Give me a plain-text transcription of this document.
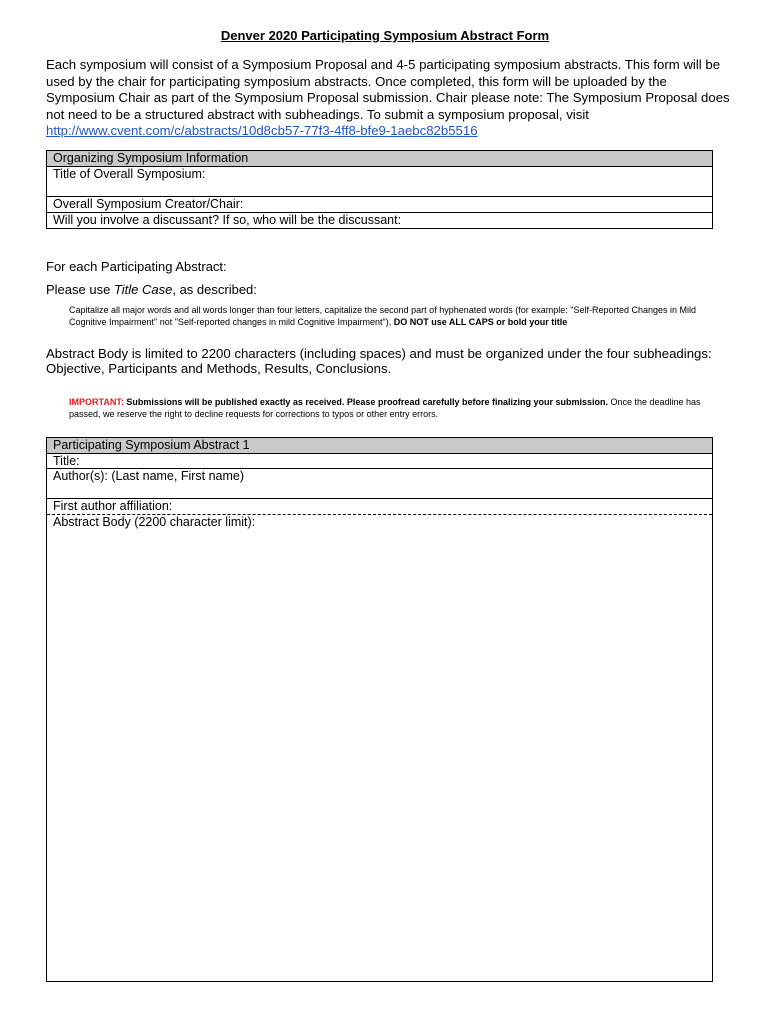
Denver 2020 Participating Symposium Abstract Form

Each symposium will consist of a Symposium Proposal and 4-5 participating symposium abstracts. This form will be used by the chair for participating symposium abstracts. Once completed, this form will be uploaded by the Symposium Chair as part of the Symposium Proposal submission. Chair please note: The Symposium Proposal does not need to be a structured abstract with subheadings. To submit a symposium proposal, visit http://www.cvent.com/c/abstracts/10d8cb57-77f3-4ff8-bfe9-1aebc82b5516

Organizing Symposium Information
Title of Overall Symposium:
Overall Symposium Creator/Chair:
Will you involve a discussant? If so, who will be the discussant:

For each Participating Abstract:

Please use Title Case, as described:

Capitalize all major words and all words longer than four letters, capitalize the second part of hyphenated words (for example: "Self-Reported Changes in Mild Cognitive Impairment" not "Self-reported changes in mild Cognitive Impairment"), DO NOT use ALL CAPS or bold your title

Abstract Body is limited to 2200 characters (including spaces) and must be organized under the four subheadings: Objective, Participants and Methods, Results, Conclusions.

IMPORTANT: Submissions will be published exactly as received. Please proofread carefully before finalizing your submission. Once the deadline has passed, we reserve the right to decline requests for corrections to typos or other entry errors.

Participating Symposium Abstract 1
Title:
Author(s): (Last name, First name)
First author affiliation:
Abstract Body (2200 character limit):
